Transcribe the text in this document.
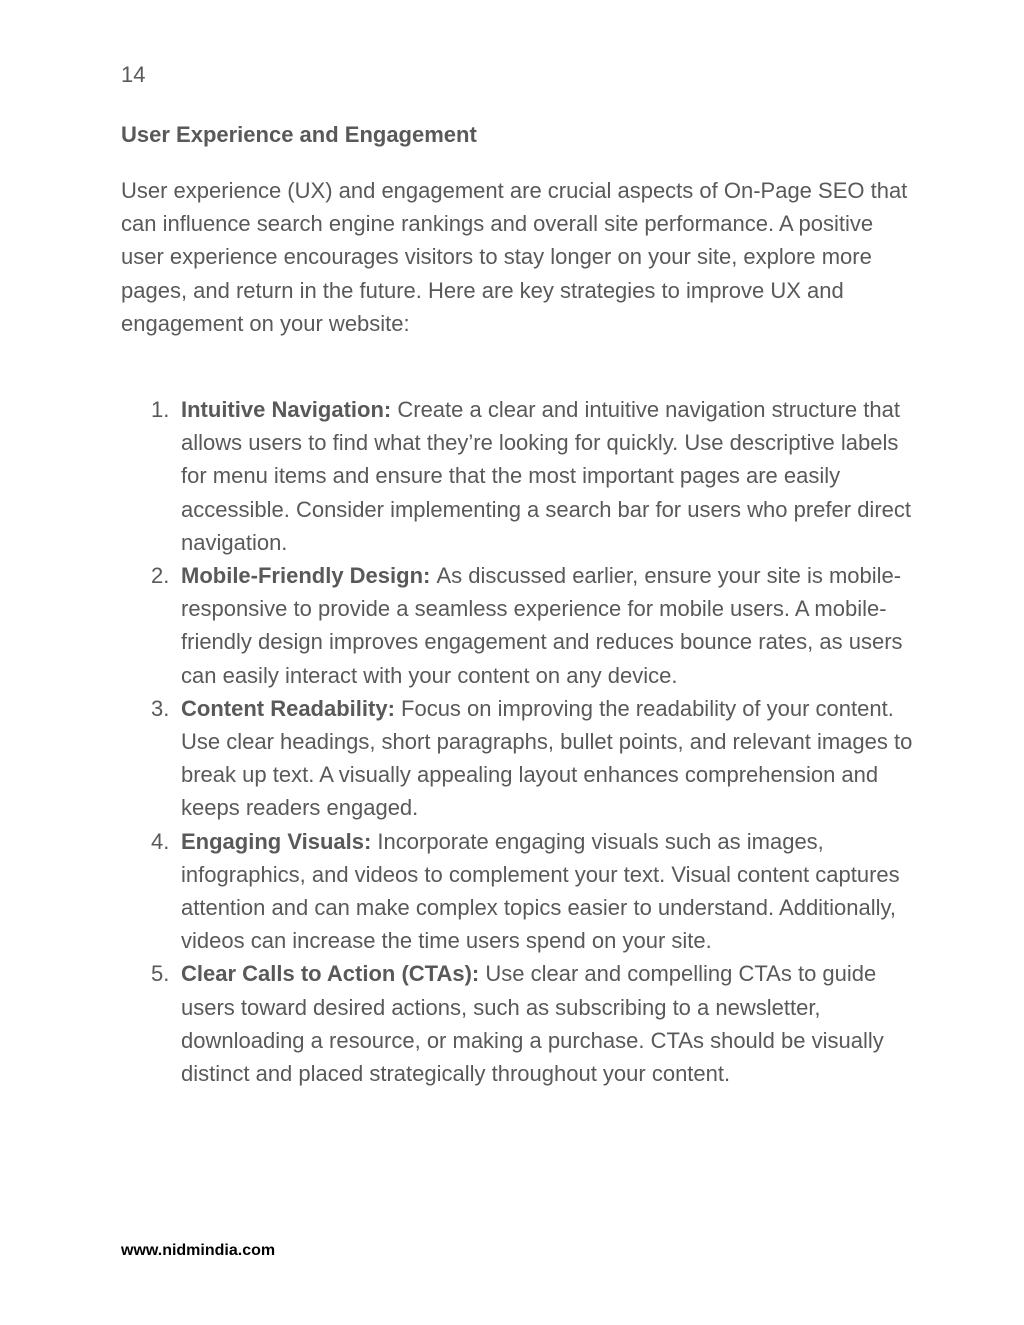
14
User Experience and Engagement

User experience (UX) and engagement are crucial aspects of On-Page SEO that can influence search engine rankings and overall site performance. A positive user experience encourages visitors to stay longer on your site, explore more pages, and return in the future. Here are key strategies to improve UX and engagement on your website:

1. Intuitive Navigation: Create a clear and intuitive navigation structure that allows users to find what they’re looking for quickly. Use descriptive labels for menu items and ensure that the most important pages are easily accessible. Consider implementing a search bar for users who prefer direct navigation.
2. Mobile-Friendly Design: As discussed earlier, ensure your site is mobile-responsive to provide a seamless experience for mobile users. A mobile-friendly design improves engagement and reduces bounce rates, as users can easily interact with your content on any device.
3. Content Readability: Focus on improving the readability of your content. Use clear headings, short paragraphs, bullet points, and relevant images to break up text. A visually appealing layout enhances comprehension and keeps readers engaged.
4. Engaging Visuals: Incorporate engaging visuals such as images, infographics, and videos to complement your text. Visual content captures attention and can make complex topics easier to understand. Additionally, videos can increase the time users spend on your site.
5. Clear Calls to Action (CTAs): Use clear and compelling CTAs to guide users toward desired actions, such as subscribing to a newsletter, downloading a resource, or making a purchase. CTAs should be visually distinct and placed strategically throughout your content.
www.nidmindia.com
